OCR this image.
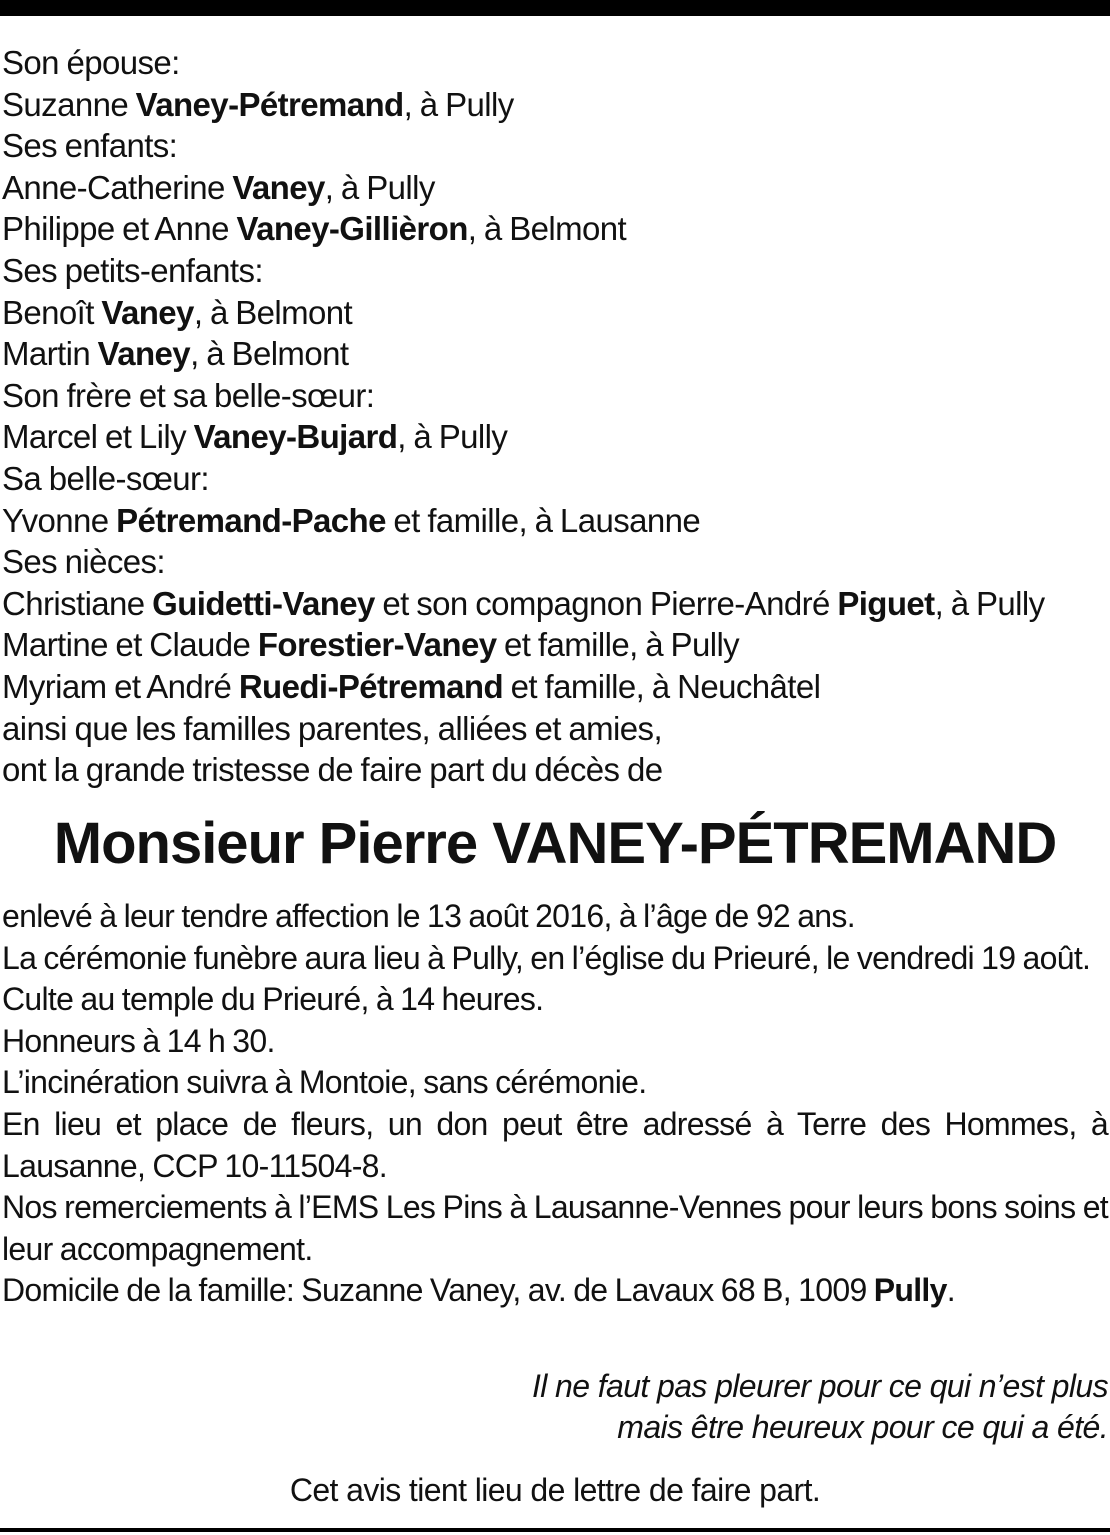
Son épouse:
Suzanne Vaney-Pétremand, à Pully
Ses enfants:
Anne-Catherine Vaney, à Pully
Philippe et Anne Vaney-Gillièron, à Belmont
Ses petits-enfants:
Benoît Vaney, à Belmont
Martin Vaney, à Belmont
Son frère et sa belle-sœur:
Marcel et Lily Vaney-Bujard, à Pully
Sa belle-sœur:
Yvonne Pétremand-Pache et famille, à Lausanne
Ses nièces:
Christiane Guidetti-Vaney et son compagnon Pierre-André Piguet, à Pully
Martine et Claude Forestier-Vaney et famille, à Pully
Myriam et André Ruedi-Pétremand et famille, à Neuchâtel
ainsi que les familles parentes, alliées et amies,
ont la grande tristesse de faire part du décès de
Monsieur Pierre VANEY-PÉTREMAND
enlevé à leur tendre affection le 13 août 2016, à l’âge de 92 ans.
La cérémonie funèbre aura lieu à Pully, en l’église du Prieuré, le vendredi 19 août.
Culte au temple du Prieuré, à 14 heures.
Honneurs à 14 h 30.
L’incinération suivra à Montoie, sans cérémonie.
En lieu et place de fleurs, un don peut être adressé à Terre des Hommes, à Lausanne, CCP 10-11504-8.
Nos remerciements à l’EMS Les Pins à Lausanne-Vennes pour leurs bons soins et leur accompagnement.
Domicile de la famille: Suzanne Vaney, av. de Lavaux 68 B, 1009 Pully.
Il ne faut pas pleurer pour ce qui n’est plus
mais être heureux pour ce qui a été.
Cet avis tient lieu de lettre de faire part.
